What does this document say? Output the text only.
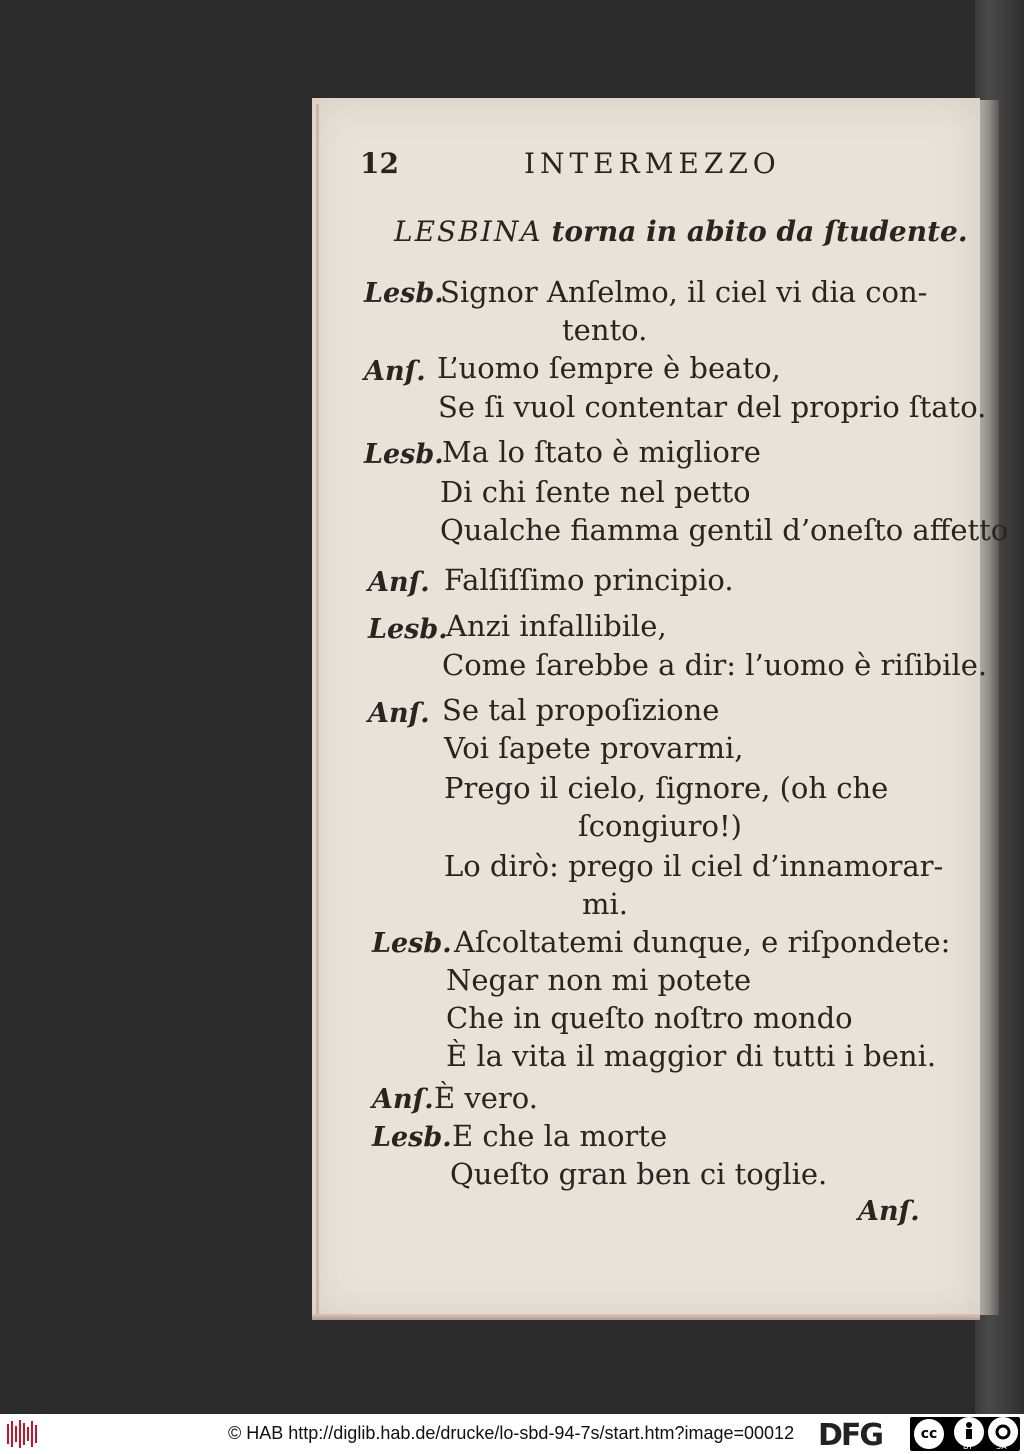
12	INTERMEZZO
LESBINA torna in abito da ſtudente.
Lesb.
Anſ.
Lesb.
Anſ.
Lesb.
Anſ.
Lesb.
Anſ.
Lesb.
Signor Anſelmo, il ciel vi dia con-
tento.
L’uomo ſempre è beato,
Se ſi vuol contentar del proprio ſtato.
Ma lo ſtato è migliore
Di chi ſente nel petto
Qualche fiamma gentil d’oneſto affetto
Falſiſſimo principio.
Anzi infallibile,
Come ſarebbe a dir: l’uomo è riſibile.
Se tal propoſizione
Voi ſapete provarmi,
Prego il cielo, ſignore, (oh che
ſcongiuro!)
Lo dirò: prego il ciel d’innamorar-
mi.
Aſcoltatemi dunque, e riſpondete:
Negar non mi potete
Che in queſto noſtro mondo
È la vita il maggior di tutti i beni.
È vero.
E che la morte
Queſto gran ben ci toglie.
Anſ.
© HAB http://diglib.hab.de/drucke/lo-sbd-94-7s/start.htm?image=00012 DFG	cc
BY	SA
